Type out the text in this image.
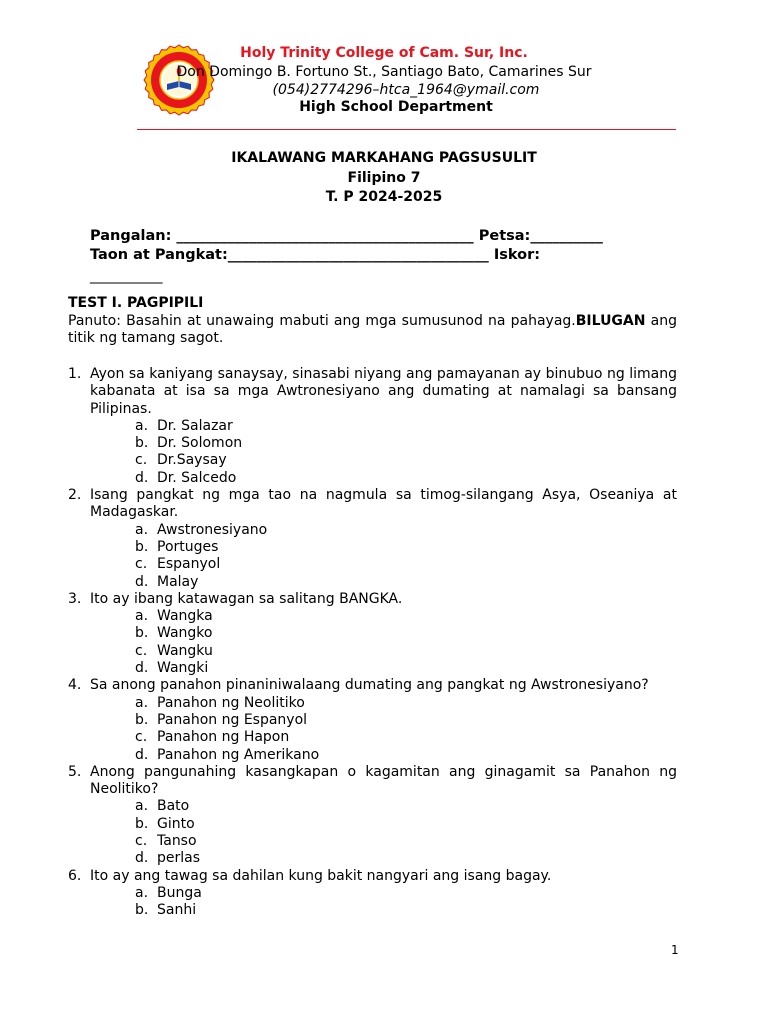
Holy Trinity College of Cam. Sur, Inc.
Don Domingo B. Fortuno St., Santiago Bato, Camarines Sur
(054)2774296–htca_1964@ymail.com
High School Department
IKALAWANG MARKAHANG PAGSUSULIT
Filipino 7
T. P 2024-2025
Pangalan: _________________________________________ Petsa:__________
Taon at Pangkat:____________________________________ Iskor:
__________
TEST I. PAGPIPILI
Panuto: Basahin at unawaing mabuti ang mga sumusunod na pahayag.BILUGAN ang titik ng tamang sagot.
1. Ayon sa kaniyang sanaysay, sinasabi niyang ang pamayanan ay binubuo ng limang kabanata at isa sa mga Awtronesiyano ang dumating at namalagi sa bansang Pilipinas.
a. Dr. Salazar
b. Dr. Solomon
c. Dr.Saysay
d. Dr. Salcedo
2. Isang pangkat ng mga tao na nagmula sa timog-silangang Asya, Oseaniya at Madagaskar.
a. Awstronesiyano
b. Portuges
c. Espanyol
d. Malay
3. Ito ay ibang katawagan sa salitang BANGKA.
a. Wangka
b. Wangko
c. Wangku
d. Wangki
4. Sa anong panahon pinaniniwalaang dumating ang pangkat ng Awstronesiyano?
a. Panahon ng Neolitiko
b. Panahon ng Espanyol
c. Panahon ng Hapon
d. Panahon ng Amerikano
5. Anong pangunahing kasangkapan o kagamitan ang ginagamit sa Panahon ng Neolitiko?
a. Bato
b. Ginto
c. Tanso
d. perlas
6. Ito ay ang tawag sa dahilan kung bakit nangyari ang isang bagay.
a. Bunga
b. Sanhi
1
